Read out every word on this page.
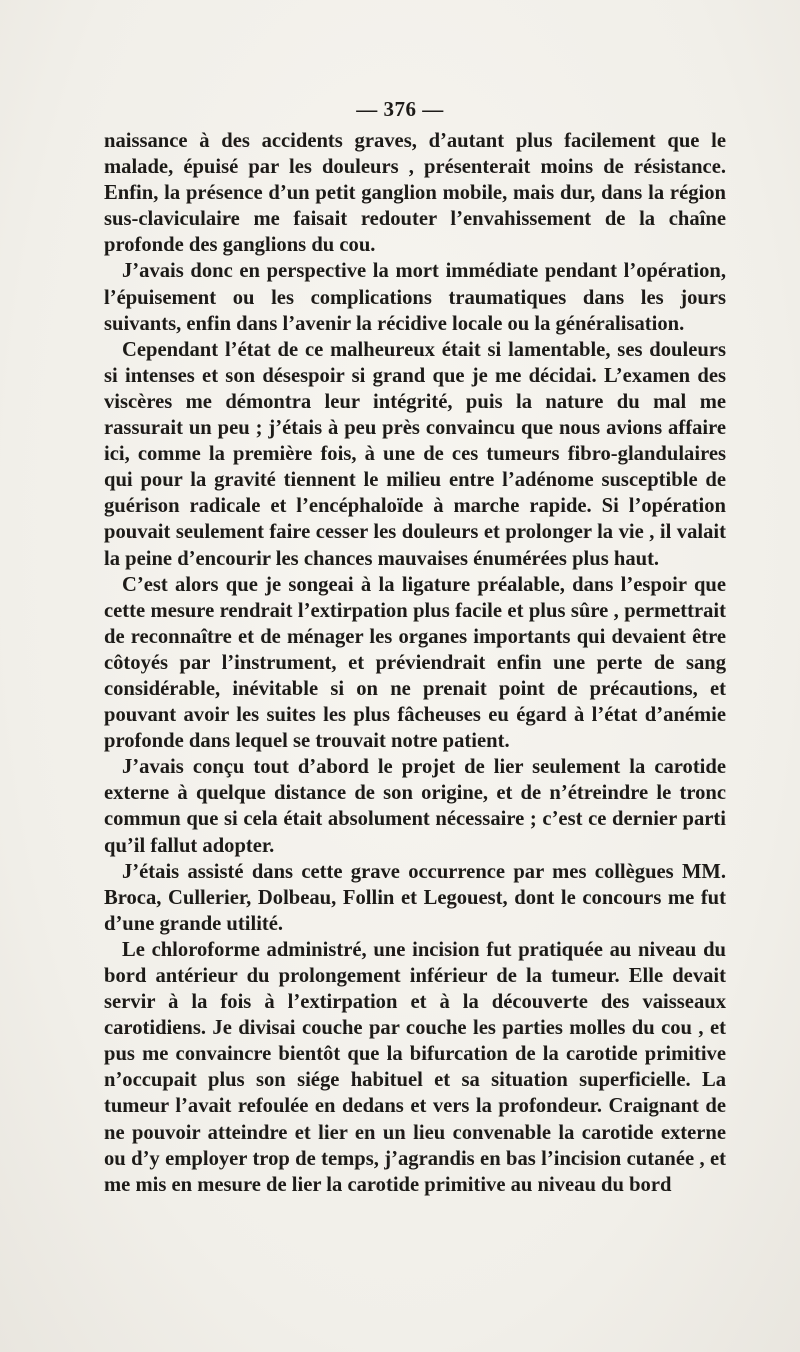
— 376 —

naissance à des accidents graves, d’autant plus facilement que le malade, épuisé par les douleurs , présenterait moins de résistance. Enfin, la présence d’un petit ganglion mobile, mais dur, dans la région sus-claviculaire me faisait redouter l’envahissement de la chaîne profonde des ganglions du cou.

J’avais donc en perspective la mort immédiate pendant l’opération, l’épuisement ou les complications traumatiques dans les jours suivants, enfin dans l’avenir la récidive locale ou la généralisation.

Cependant l’état de ce malheureux était si lamentable, ses douleurs si intenses et son désespoir si grand que je me décidai. L’examen des viscères me démontra leur intégrité, puis la nature du mal me rassurait un peu ; j’étais à peu près convaincu que nous avions affaire ici, comme la première fois, à une de ces tumeurs fibro-glandulaires qui pour la gravité tiennent le milieu entre l’adénome susceptible de guérison radicale et l’encéphaloïde à marche rapide. Si l’opération pouvait seulement faire cesser les douleurs et prolonger la vie , il valait la peine d’encourir les chances mauvaises énumérées plus haut.

C’est alors que je songeai à la ligature préalable, dans l’espoir que cette mesure rendrait l’extirpation plus facile et plus sûre , permettrait de reconnaître et de ménager les organes importants qui devaient être côtoyés par l’instrument, et préviendrait enfin une perte de sang considérable, inévitable si on ne prenait point de précautions, et pouvant avoir les suites les plus fâcheuses eu égard à l’état d’anémie profonde dans lequel se trouvait notre patient.

J’avais conçu tout d’abord le projet de lier seulement la carotide externe à quelque distance de son origine, et de n’étreindre le tronc commun que si cela était absolument nécessaire ; c’est ce dernier parti qu’il fallut adopter.

J’étais assisté dans cette grave occurrence par mes collègues MM. Broca, Cullerier, Dolbeau, Follin et Legouest, dont le concours me fut d’une grande utilité.

Le chloroforme administré, une incision fut pratiquée au niveau du bord antérieur du prolongement inférieur de la tumeur. Elle devait servir à la fois à l’extirpation et à la découverte des vaisseaux carotidiens. Je divisai couche par couche les parties molles du cou , et pus me convaincre bientôt que la bifurcation de la carotide primitive n’occupait plus son siége habituel et sa situation superficielle. La tumeur l’avait refoulée en dedans et vers la profondeur. Craignant de ne pouvoir atteindre et lier en un lieu convenable la carotide externe ou d’y employer trop de temps, j’agrandis en bas l’incision cutanée , et me mis en mesure de lier la carotide primitive au niveau du bord
